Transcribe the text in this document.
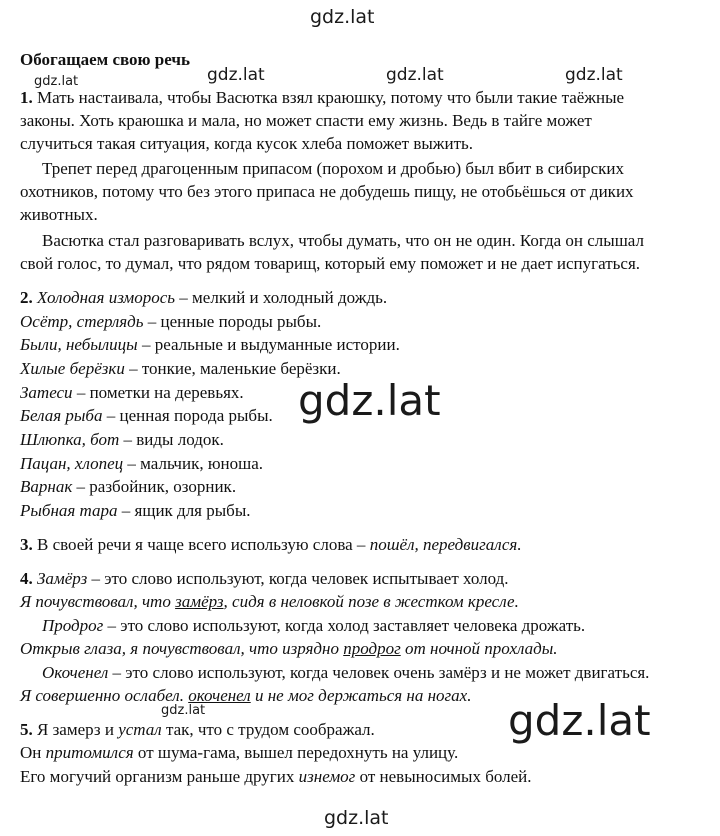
gdz.lat
gdz.lat	gdz.lat	gdz.lat	gdz.lat
Обогащаем свою речь
1. Мать настаивала, чтобы Васютка взял краюшку, потому что были такие таёжные
законы. Хоть краюшка и мала, но может спасти ему жизнь. Ведь в тайге может
случиться такая ситуация, когда кусок хлеба поможет выжить.
Трепет перед драгоценным припасом (порохом и дробью) был вбит в сибирских
охотников, потому что без этого припаса не добудешь пищу, не отобьёшься от диких
животных.
Васютка стал разговаривать вслух, чтобы думать, что он не один. Когда он слышал
свой голос, то думал, что рядом товарищ, который ему поможет и не дает испугаться.
2. Холодная изморось – мелкий и холодный дождь.
Осётр, стерлядь – ценные породы рыбы.
Были, небылицы – реальные и выдуманные истории.
Хилые берёзки – тонкие, маленькие берёзки.
Затеси – пометки на деревьях.
Белая рыба – ценная порода рыбы.
Шлюпка, бот – виды лодок.
Пацан, хлопец – мальчик, юноша.
Варнак – разбойник, озорник.
Рыбная тара – ящик для рыбы.
3. В своей речи я чаще всего использую слова – пошёл, передвигался.
4. Замёрз – это слово используют, когда человек испытывает холод.
Я почувствовал, что замёрз, сидя в неловкой позе в жестком кресле.
Продрог – это слово используют, когда холод заставляет человека дрожать.
Открыв глаза, я почувствовал, что изрядно продрог от ночной прохлады.
Окоченел – это слово используют, когда человек очень замёрз и не может двигаться.
Я совершенно ослабел. окоченел и не мог держаться на ногах.
5. Я замерз и устал так, что с трудом соображал.
Он притомился от шума-гама, вышел передохнуть на улицу.
Его могучий организм раньше других изнемог от невыносимых болей.
gdz.lat
gdz.lat	gdz.lat
gdz.lat
